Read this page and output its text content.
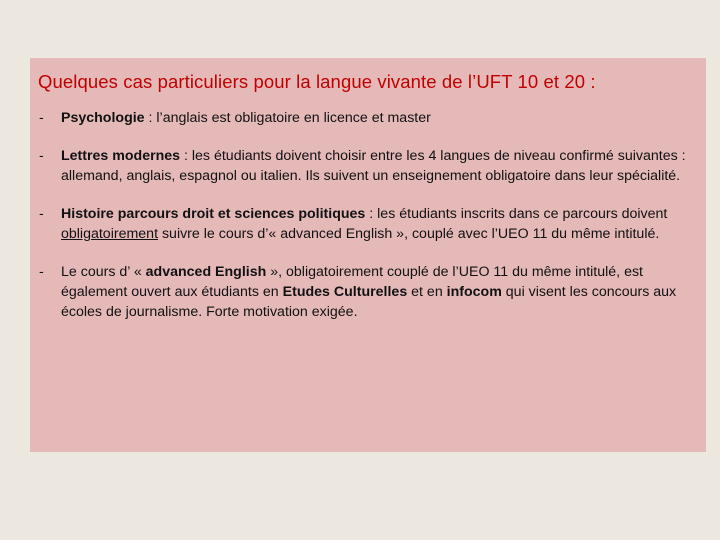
Quelques cas particuliers pour la langue vivante de l’UFT 10 et 20 :
- Psychologie : l’anglais est obligatoire en licence et master
- Lettres modernes : les étudiants doivent choisir entre les 4 langues de niveau confirmé suivantes : allemand, anglais, espagnol ou italien. Ils suivent un enseignement obligatoire dans leur spécialité.
- Histoire parcours droit et sciences politiques : les étudiants inscrits dans ce parcours doivent obligatoirement suivre le cours d’« advanced English », couplé avec l’UEO 11 du même intitulé.
- Le cours d’ « advanced English », obligatoirement couplé de l’UEO 11 du même intitulé, est également ouvert aux étudiants en Etudes Culturelles et en infocom qui visent les concours aux écoles de journalisme. Forte motivation exigée.
